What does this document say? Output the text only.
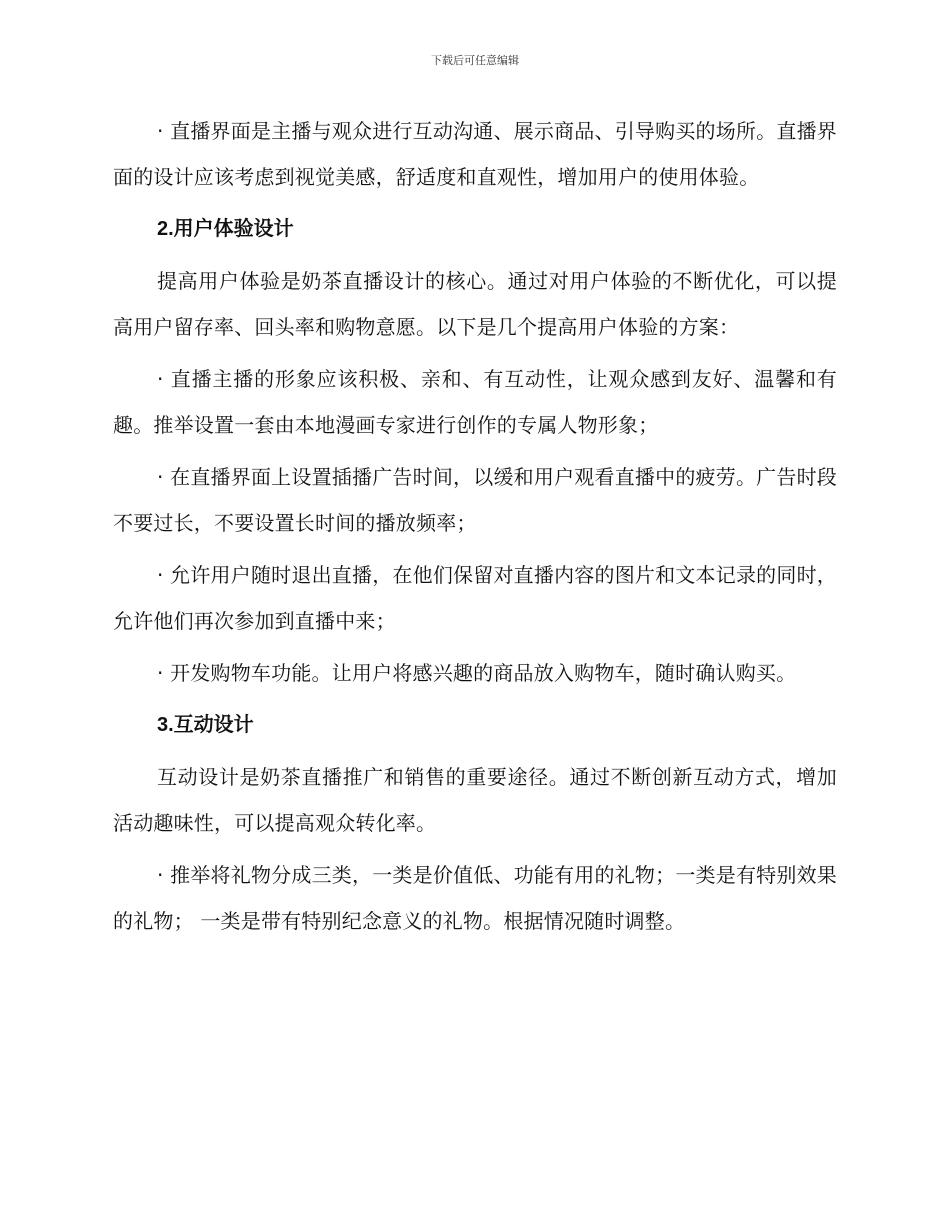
下载后可任意编辑

· 直播界面是主播与观众进行互动沟通、展示商品、引导购买的场所。直播界面的设计应该考虑到视觉美感，舒适度和直观性，增加用户的使用体验。

2.用户体验设计

提高用户体验是奶茶直播设计的核心。通过对用户体验的不断优化，可以提高用户留存率、回头率和购物意愿。以下是几个提高用户体验的方案：

· 直播主播的形象应该积极、亲和、有互动性，让观众感到友好、温馨和有趣。推举设置一套由本地漫画专家进行创作的专属人物形象；

· 在直播界面上设置插播广告时间，以缓和用户观看直播中的疲劳。广告时段不要过长，不要设置长时间的播放频率；

· 允许用户随时退出直播，在他们保留对直播内容的图片和文本记录的同时，允许他们再次参加到直播中来；

· 开发购物车功能。让用户将感兴趣的商品放入购物车，随时确认购买。

3.互动设计

互动设计是奶茶直播推广和销售的重要途径。通过不断创新互动方式，增加活动趣味性，可以提高观众转化率。

· 推举将礼物分成三类，一类是价值低、功能有用的礼物；一类是有特别效果的礼物； 一类是带有特别纪念意义的礼物。根据情况随时调整。
